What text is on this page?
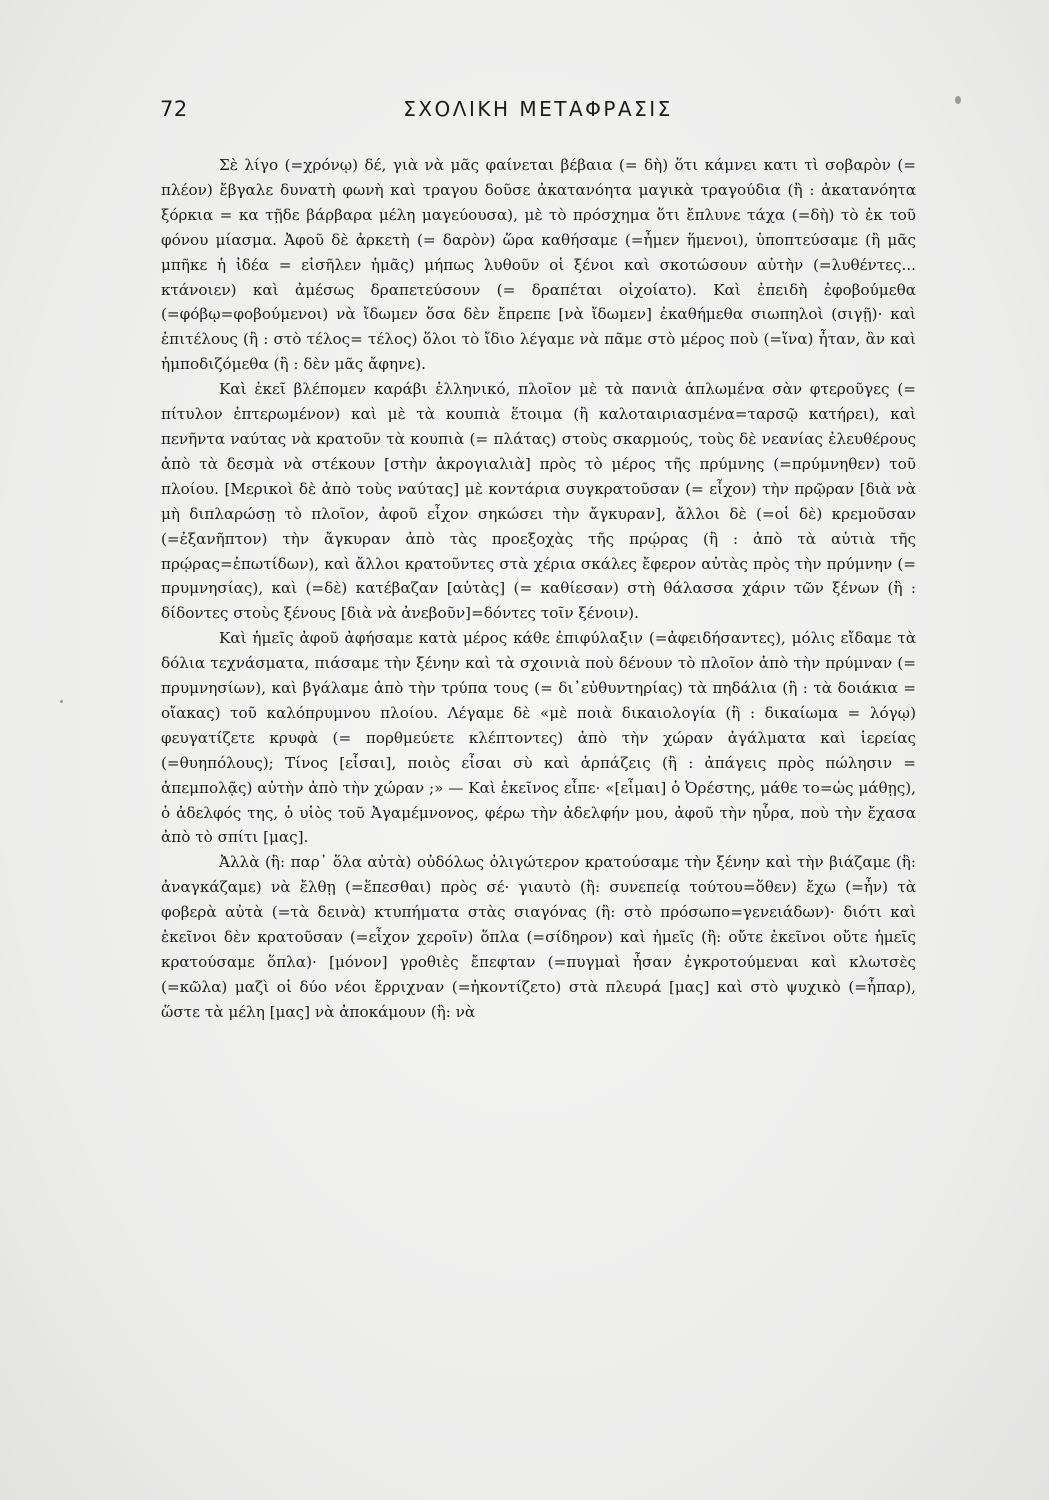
72	ΣΧΟΛΙΚΗ ΜΕΤΑΦΡΑΣΙΣ

Σὲ λίγο (=χρόνῳ) δέ, γιὰ νὰ μᾶς φαίνεται βέβαια (= δὴ) ὅτι κάμνει κατι τὶ σοβαρὸν (= πλέον) ἔβγαλε δυνατὴ φωνὴ καὶ τραγου δοῦσε ἀκατανόητα μαγικὰ τραγούδια (ἢ : ἀκατανόητα ξόρκια = κα τῇδε βάρβαρα μέλη μαγεύουσα), μὲ τὸ πρόσχημα ὅτι ἔπλυνε τάχα (=δὴ) τὸ ἐκ τοῦ φόνου μίασμα. Ἀφοῦ δὲ ἀρκετὴ (= δαρὸν) ὥρα καθήσαμε (=ἦμεν ἥμενοι), ὑποπτεύσαμε (ἢ μᾶς μπῆκε ἡ ἰδέα = εἰσῆλεν ἡμᾶς) μήπως λυθοῦν οἱ ξένοι καὶ σκοτώσουν αὐτὴν (=λυθέντες... κτάνοιεν) καὶ ἀμέσως δραπετεύσουν (= δραπέται οἰχοίατο). Καὶ ἐπειδὴ ἐφοβούμεθα (=φόβῳ=φοβούμενοι) νὰ ἴδωμεν ὅσα δὲν ἔπρεπε [νὰ ἴδωμεν] ἐκαθήμεθα σιωπηλοὶ (σιγῇ)· καὶ ἐπιτέλους (ἢ : στὸ τέλος= τέλος) ὅλοι τὸ ἴδιο λέγαμε νὰ πᾶμε στὸ μέρος ποὺ (=ἵνα) ἦταν, ἂν καὶ ἠμποδιζόμεθα (ἢ : δὲν μᾶς ἄφηνε).

Καὶ ἐκεῖ βλέπομεν καράβι ἑλληνικό, πλοῖον μὲ τὰ πανιὰ ἁπλωμένα σὰν φτεροῦγες (= πίτυλον ἐπτερωμένον) καὶ μὲ τὰ κουπιὰ ἕτοιμα (ἢ καλοταιριασμένα=ταρσῷ κατήρει), καὶ πενῆντα ναύτας νὰ κρατοῦν τὰ κουπιὰ (= πλάτας) στοὺς σκαρμούς, τοὺς δὲ νεανίας ἐλευθέρους ἀπὸ τὰ δεσμὰ νὰ στέκουν [στὴν ἀκρογιαλιὰ] πρὸς τὸ μέρος τῆς πρύμνης (=πρύμνηθεν) τοῦ πλοίου. [Μερικοὶ δὲ ἀπὸ τοὺς ναύτας] μὲ κοντάρια συγκρατοῦσαν (= εἶχον) τὴν πρῷραν [διὰ νὰ μὴ διπλαρώσῃ τὸ πλοῖον, ἀφοῦ εἶχον σηκώσει τὴν ἄγκυραν], ἄλλοι δὲ (=οἱ δὲ) κρεμοῦσαν (=ἐξανῆπτον) τὴν ἄγκυραν ἀπὸ τὰς προεξοχὰς τῆς πρῴρας (ἢ : ἀπὸ τὰ αὐτιὰ τῆς πρῴρας=ἐπωτίδων), καὶ ἄλλοι κρατοῦντες στὰ χέρια σκάλες ἔφερον αὐτὰς πρὸς τὴν πρύμνην (= πρυμνησίας), καὶ (=δὲ) κατέβαζαν [αὐτὰς] (= καθίεσαν) στὴ θάλασσα χάριν τῶν ξένων (ἢ : δίδοντες στοὺς ξένους [διὰ νὰ ἀνεβοῦν]=δόντες τοῖν ξένοιν).

Καὶ ἡμεῖς ἀφοῦ ἀφήσαμε κατὰ μέρος κάθε ἐπιφύλαξιν (=ἀφειδήσαντες), μόλις εἴδαμε τὰ δόλια τεχνάσματα, πιάσαμε τὴν ξένην καὶ τὰ σχοινιὰ ποὺ δένουν τὸ πλοῖον ἀπὸ τὴν πρύμναν (= πρυμνησίων), καὶ βγάλαμε ἀπὸ τὴν τρύπα τους (= δι᾽εὐθυντηρίας) τὰ πηδάλια (ἢ : τὰ δοιάκια = οἴακας) τοῦ καλόπρυμνου πλοίου. Λέγαμε δὲ «μὲ ποιὰ δικαιολογία (ἢ : δικαίωμα = λόγῳ) φευγατίζετε κρυφὰ (= πορθμεύετε κλέπτοντες) ἀπὸ τὴν χώραν ἀγάλματα καὶ ἱερείας (=θυηπόλους); Τίνος [εἶσαι], ποιὸς εἶσαι σὺ καὶ ἁρπάζεις (ἢ : ἀπάγεις πρὸς πώλησιν = ἀπεμπολᾷς) αὐτὴν ἀπὸ τὴν χώραν ;» — Καὶ ἐκεῖνος εἶπε· «[εἶμαι] ὁ Ὀρέστης, μάθε το=ὡς μάθῃς), ὁ ἀδελφός της, ὁ υἱὸς τοῦ Ἀγαμέμνονος, φέρω τὴν ἀδελφήν μου, ἀφοῦ τὴν ηὗρα, ποὺ τὴν ἔχασα ἀπὸ τὸ σπίτι [μας].

Ἀλλὰ (ἢ: παρ᾽ ὅλα αὐτὰ) οὐδόλως ὀλιγώτερον κρατούσαμε τὴν ξένην καὶ τὴν βιάζαμε (ἢ: ἀναγκάζαμε) νὰ ἔλθῃ (=ἕπεσθαι) πρὸς σέ· γιαυτὸ (ἢ: συνεπείᾳ τούτου=ὅθεν) ἔχω (=ἦν) τὰ φοβερὰ αὐτὰ (=τὰ δεινὰ) κτυπήματα στὰς σιαγόνας (ἢ: στὸ πρόσωπο=γενειάδων)· διότι καὶ ἐκεῖνοι δὲν κρατοῦσαν (=εἶχον χεροῖν) ὅπλα (=σίδηρον) καὶ ἡμεῖς (ἢ: οὔτε ἐκεῖνοι οὔτε ἡμεῖς κρατούσαμε ὅπλα)· [μόνον] γροθιὲς ἔπεφταν (=πυγμαὶ ἦσαν ἐγκροτούμεναι καὶ κλωτσὲς (=κῶλα) μαζὶ οἱ δύο νέοι ἔρριχναν (=ἠκοντίζετο) στὰ πλευρά [μας] καὶ στὸ ψυχικὸ (=ἧπαρ), ὥστε τὰ μέλη [μας] νὰ ἀποκάμουν (ἢ: νὰ
